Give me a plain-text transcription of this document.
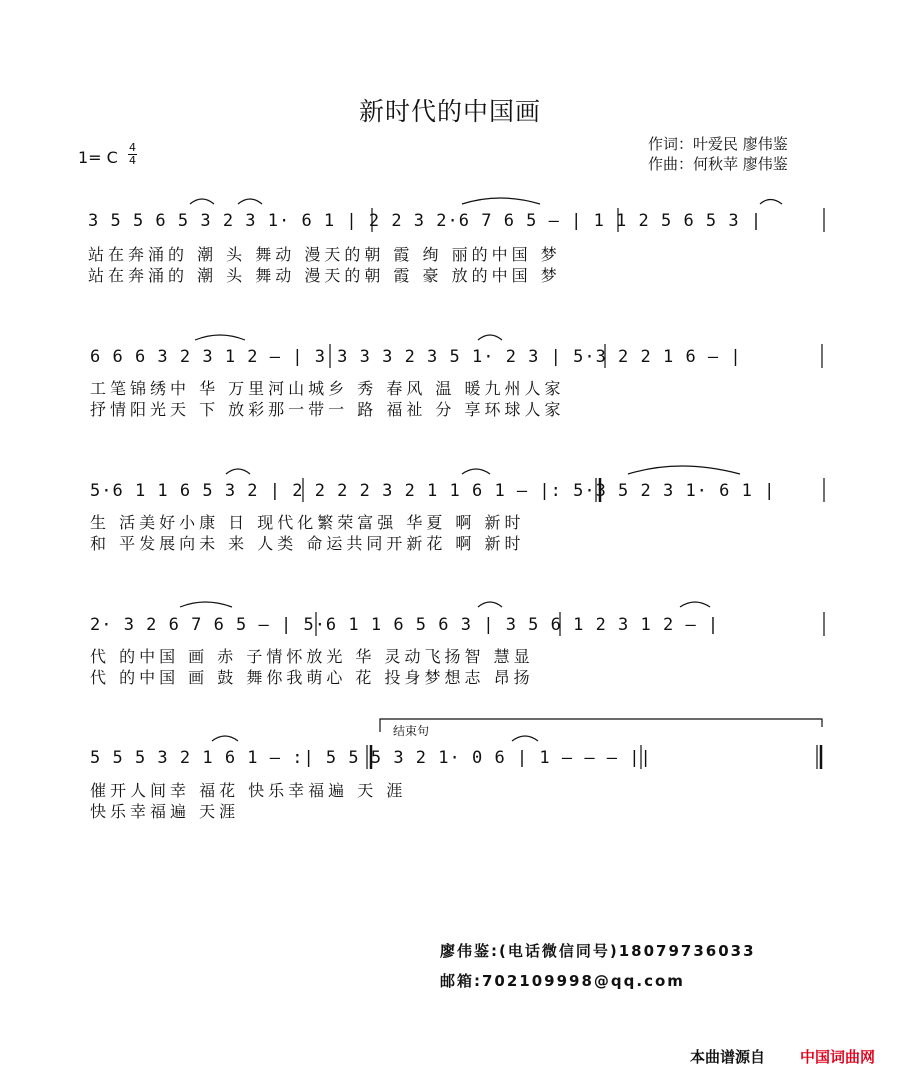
新时代的中国画
作词：叶爱民 廖伟鉴
作曲：何秋苹 廖伟鉴
1= C
4
4
3 5 5 6 5 3 2 3 1· 6 1 | 2 2 3 2·6 7 6 5 – | 1 1 2 5 6 5 3 |
站在奔涌的 潮 头 舞动 漫天的朝 霞 绚 丽的中国 梦
站在奔涌的 潮 头 舞动 漫天的朝 霞 豪 放的中国 梦
6 6 6 3 2 3 1 2 – | 3 3 3 3 2 3 5 1· 2 3 | 5·3 2 2 1 6 – |
工笔锦绣中 华 万里河山城乡 秀 春风 温 暖九州人家
抒情阳光天 下 放彩那一带一 路 福祉 分 享环球人家
5·6 1 1 6 5 3 2 | 2 2 2 2 3 2 1 1 6 1 – |: 5·3 5 2 3 1· 6 1 |
生 活美好小康 日 现代化繁荣富强 华夏 啊 新时
和 平发展向未 来 人类 命运共同开新花 啊 新时
2· 3 2 6 7 6 5 – | 5·6 1 1 6 5 6 3 | 3 5 6 1 2 3 1 2 – |
代 的中国 画 赤 子情怀放光 华 灵动飞扬智 慧显
代 的中国 画 鼓 舞你我萌心 花 投身梦想志 昂扬
结束句
5 5 5 3 2 1 6 1 – :| 5 5 5 3 2 1· 0 6 | 1 – – – ||
催开人间幸 福花 快乐幸福遍 天 涯
快乐幸福遍 天涯
廖伟鉴:(电话微信同号)18079736033
邮箱:702109998@qq.com
本曲谱源自 中国词曲网
